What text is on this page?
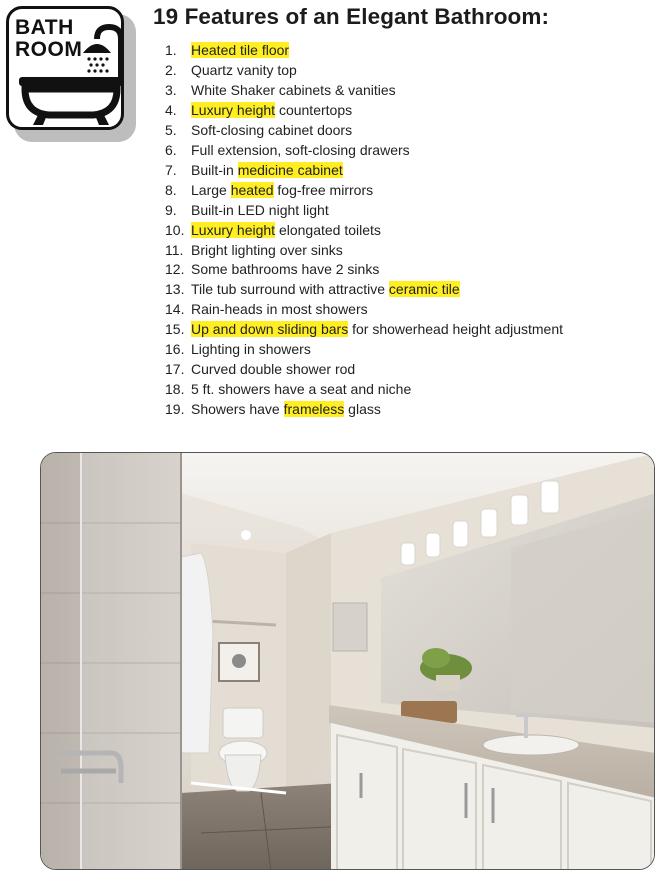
BATH
ROOM
19 Features of an Elegant Bathroom:
1. Heated tile floor
2. Quartz vanity top
3. White Shaker cabinets & vanities
4. Luxury height countertops
5. Soft-closing cabinet doors
6. Full extension, soft-closing drawers
7. Built-in medicine cabinet
8. Large heated fog-free mirrors
9. Built-in LED night light
10. Luxury height elongated toilets
11. Bright lighting over sinks
12. Some bathrooms have 2 sinks
13. Tile tub surround with attractive ceramic tile
14. Rain-heads in most showers
15. Up and down sliding bars for showerhead height adjustment
16. Lighting in showers
17. Curved double shower rod
18. 5 ft. showers have a seat and niche
19. Showers have frameless glass
